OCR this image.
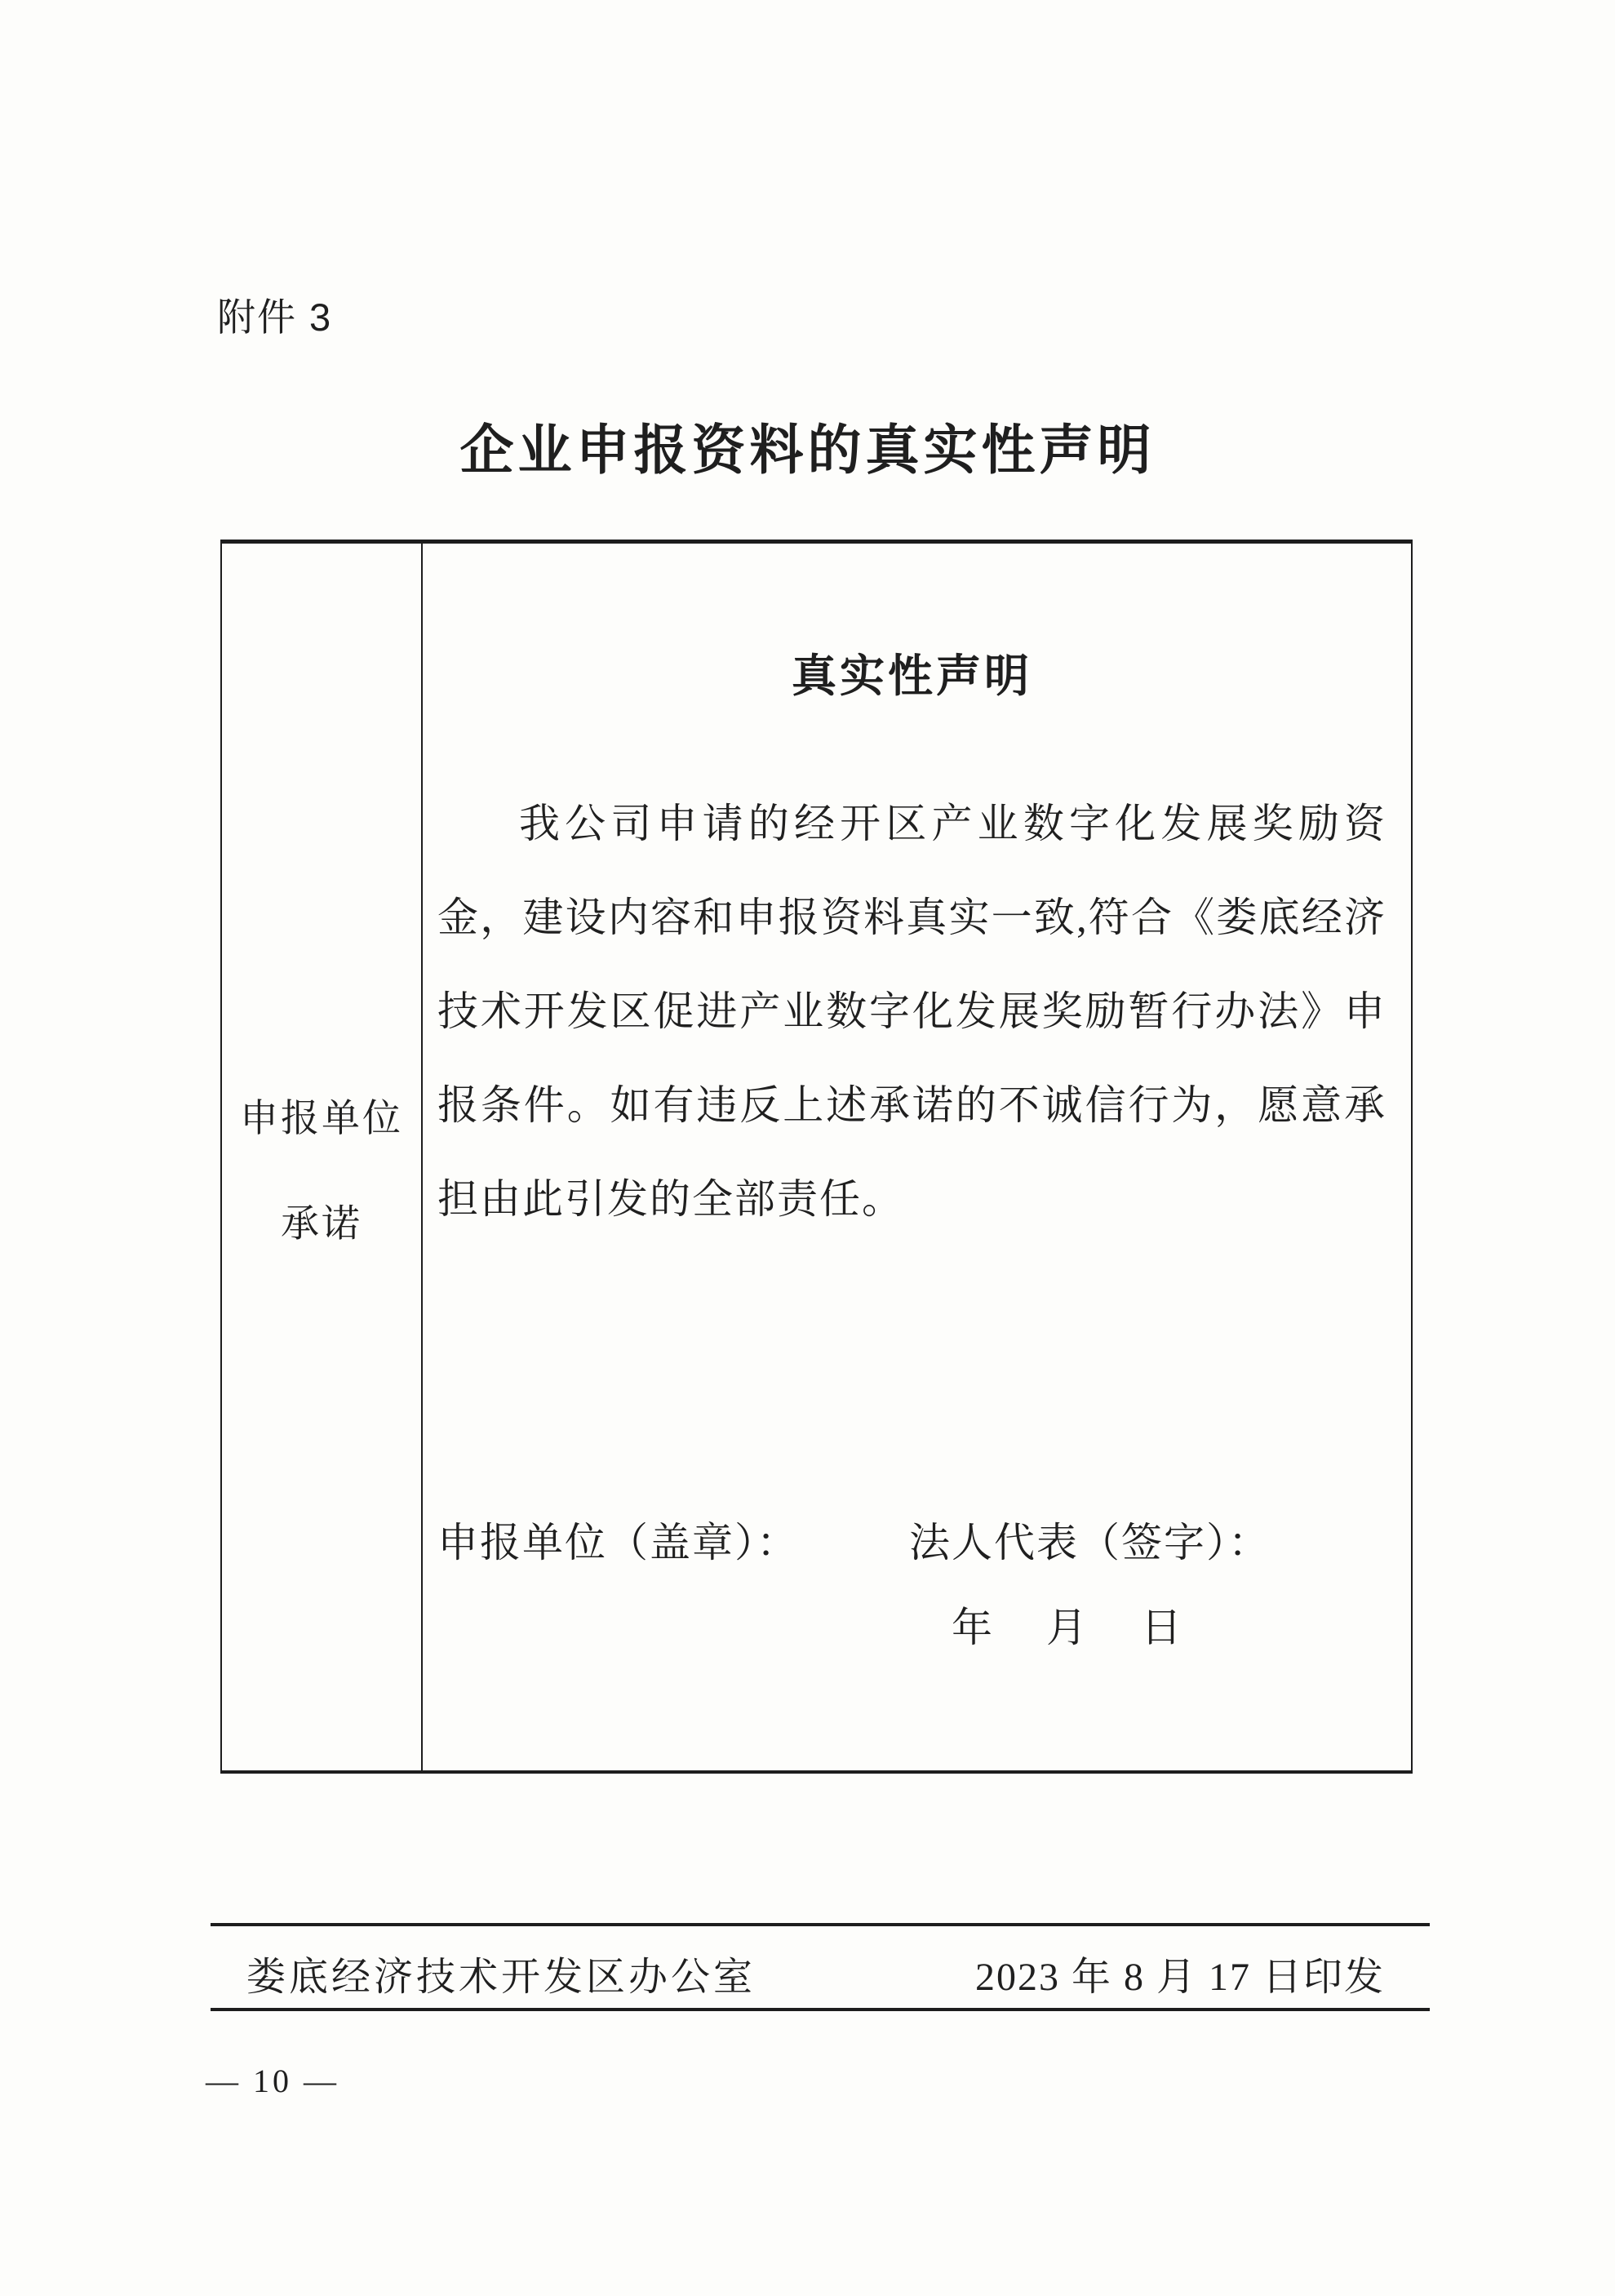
附件 3
企业申报资料的真实性声明
申报单位
承诺
真实性声明
我公司申请的经开区产业数字化发展奖励资
金，建设内容和申报资料真实一致,符合《娄底经济
技术开发区促进产业数字化发展奖励暂行办法》申
报条件。如有违反上述承诺的不诚信行为，愿意承
担由此引发的全部责任。
申报单位（盖章）：	法人代表（签字）：
年　月　日
娄底经济技术开发区办公室	2023 年 8 月 17 日印发
— 10 —
